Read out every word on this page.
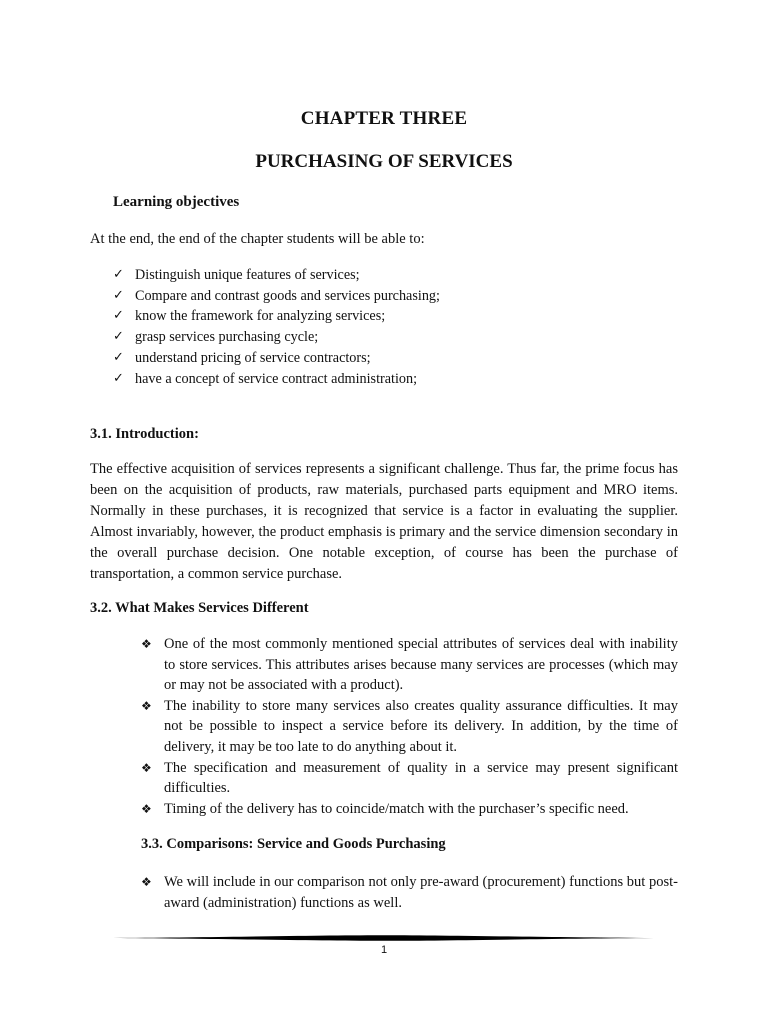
CHAPTER THREE
PURCHASING OF SERVICES
Learning objectives
At the end, the end of the chapter students will be able to:
✓ Distinguish unique features of services;
✓ Compare and contrast goods and services purchasing;
✓ know the framework for analyzing services;
✓ grasp services purchasing cycle;
✓ understand pricing of service contractors;
✓ have a concept of service contract administration;
3.1. Introduction:

The effective acquisition of services represents a significant challenge. Thus far, the prime focus has been on the acquisition of products, raw materials, purchased parts equipment and MRO items. Normally in these purchases, it is recognized that service is a factor in evaluating the supplier. Almost invariably, however, the product emphasis is primary and the service dimension secondary in the overall purchase decision. One notable exception, of course has been the purchase of transportation, a common service purchase.

3.2. What Makes Services Different
❖ One of the most commonly mentioned special attributes of services deal with inability to store services. This attributes arises because many services are processes (which may or may not be associated with a product).
❖ The inability to store many services also creates quality assurance difficulties. It may not be possible to inspect a service before its delivery. In addition, by the time of delivery, it may be too late to do anything about it.
❖ The specification and measurement of quality in a service may present significant difficulties.
❖ Timing of the delivery has to coincide/match with the purchaser’s specific need.
3.3. Comparisons: Service and Goods Purchasing
❖ We will include in our comparison not only pre-award (procurement) functions but post-award (administration) functions as well.
1
